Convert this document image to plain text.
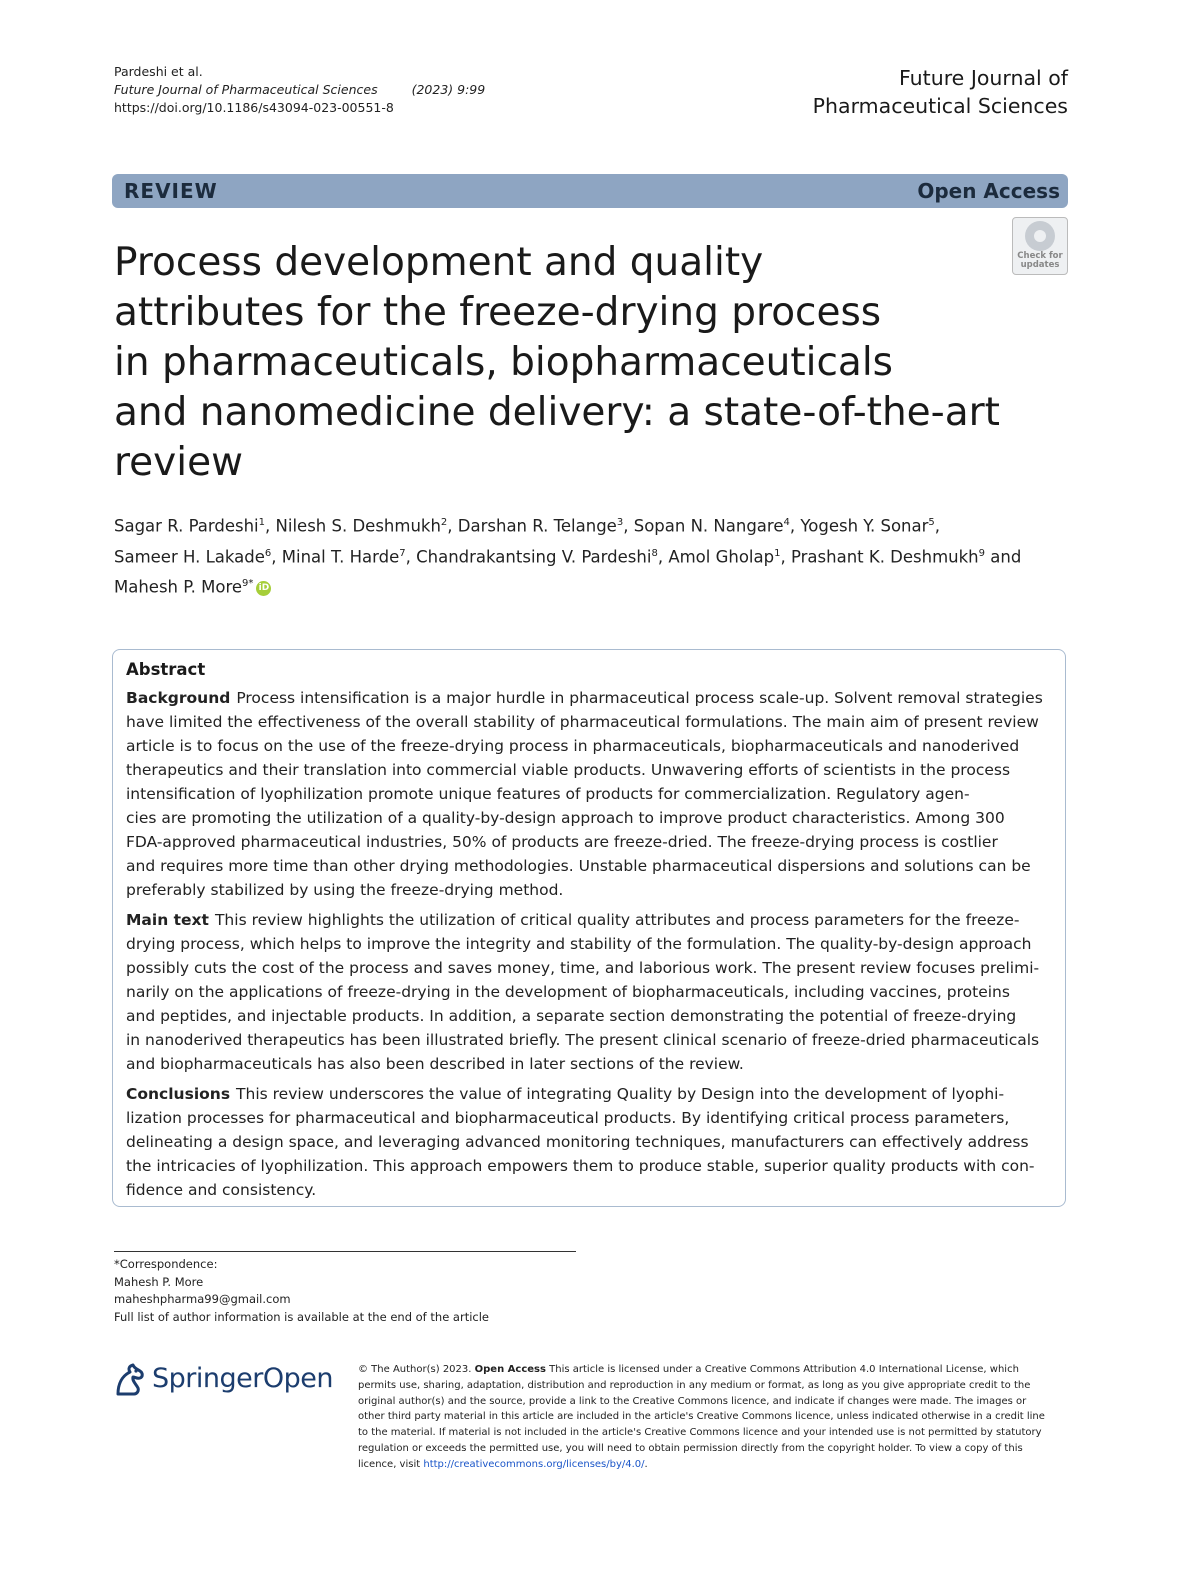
Pardeshi et al.
Future Journal of Pharmaceutical Sciences	(2023) 9:99
https://doi.org/10.1186/s43094-023-00551-8
Future Journal of
Pharmaceutical Sciences
REVIEW	Open Access
Process development and quality
attributes for the freeze-drying process
in pharmaceuticals, biopharmaceuticals
and nanomedicine delivery: a state-of-the-art
review
Check for
updates
Sagar R. Pardeshi$^1$, Nilesh S. Deshmukh$^2$, Darshan R. Telange$^3$, Sopan N. Nangare$^4$, Yogesh Y. Sonar$^5$,
Sameer H. Lakade$^6$, Minal T. Harde$^7$, Chandrakantsing V. Pardeshi$^8$, Amol Gholap$^1$, Prashant K. Deshmukh$^9$ and
Mahesh P. More$^{9*}$ iD
Abstract
Background Process intensification is a major hurdle in pharmaceutical process scale-up. Solvent removal strategies
have limited the effectiveness of the overall stability of pharmaceutical formulations. The main aim of present review
article is to focus on the use of the freeze-drying process in pharmaceuticals, biopharmaceuticals and nanoderived
therapeutics and their translation into commercial viable products. Unwavering efforts of scientists in the process
intensification of lyophilization promote unique features of products for commercialization. Regulatory agen-
cies are promoting the utilization of a quality-by-design approach to improve product characteristics. Among 300
FDA-approved pharmaceutical industries, 50% of products are freeze-dried. The freeze-drying process is costlier
and requires more time than other drying methodologies. Unstable pharmaceutical dispersions and solutions can be
preferably stabilized by using the freeze-drying method.
Main text This review highlights the utilization of critical quality attributes and process parameters for the freeze-
drying process, which helps to improve the integrity and stability of the formulation. The quality-by-design approach
possibly cuts the cost of the process and saves money, time, and laborious work. The present review focuses prelimi-
narily on the applications of freeze-drying in the development of biopharmaceuticals, including vaccines, proteins
and peptides, and injectable products. In addition, a separate section demonstrating the potential of freeze-drying
in nanoderived therapeutics has been illustrated briefly. The present clinical scenario of freeze-dried pharmaceuticals
and biopharmaceuticals has also been described in later sections of the review.
Conclusions This review underscores the value of integrating Quality by Design into the development of lyophi-
lization processes for pharmaceutical and biopharmaceutical products. By identifying critical process parameters,
delineating a design space, and leveraging advanced monitoring techniques, manufacturers can effectively address
the intricacies of lyophilization. This approach empowers them to produce stable, superior quality products with con-
fidence and consistency.
*Correspondence:
Mahesh P. More
maheshpharma99@gmail.com
Full list of author information is available at the end of the article
SpringerOpen	© The Author(s) 2023. Open Access This article is licensed under a Creative Commons Attribution 4.0 International License, which
permits use, sharing, adaptation, distribution and reproduction in any medium or format, as long as you give appropriate credit to the
original author(s) and the source, provide a link to the Creative Commons licence, and indicate if changes were made. The images or
other third party material in this article are included in the article's Creative Commons licence, unless indicated otherwise in a credit line
to the material. If material is not included in the article's Creative Commons licence and your intended use is not permitted by statutory
regulation or exceeds the permitted use, you will need to obtain permission directly from the copyright holder. To view a copy of this
licence, visit http://creativecommons.org/licenses/by/4.0/.
